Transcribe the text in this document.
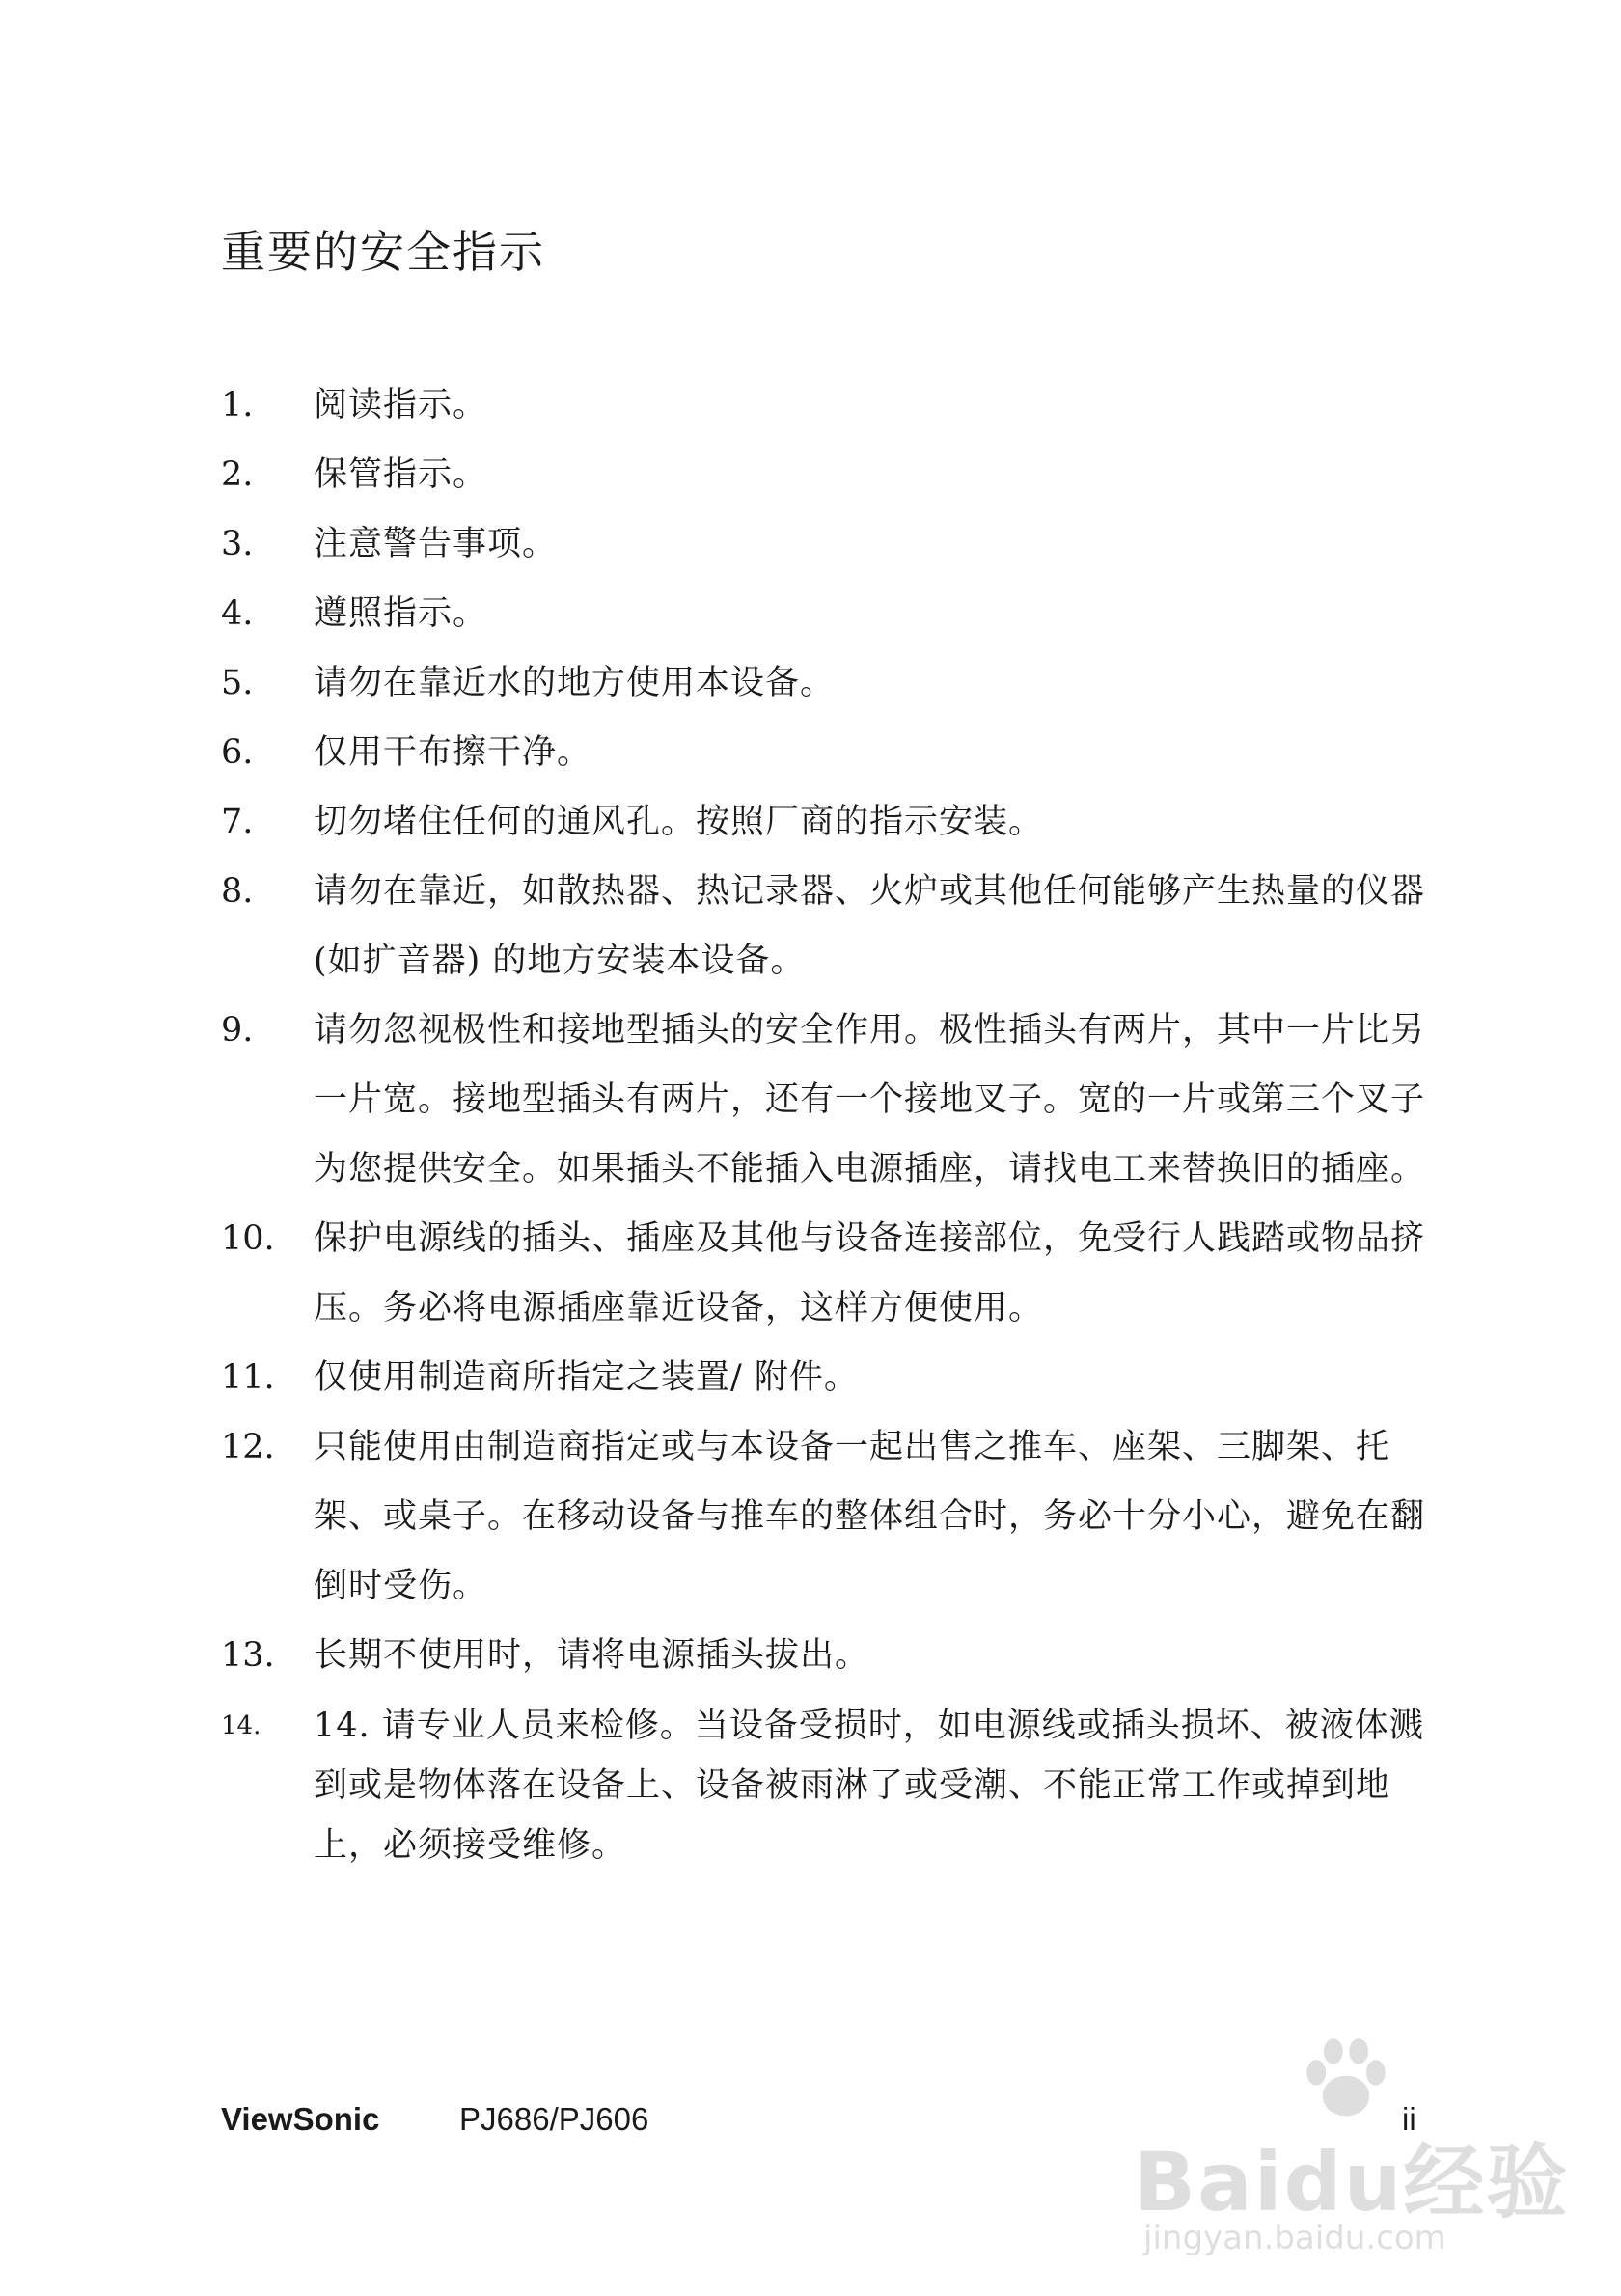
重要的安全指示
1.	阅读指示。
2.	保管指示。
3.	注意警告事项。
4.	遵照指示。
5.	请勿在靠近水的地方使用本设备。
6.	仅用干布擦干净。
7.	切勿堵住任何的通风孔。按照厂商的指示安装。
8.	请勿在靠近，如散热器、热记录器、火炉或其他任何能够产生热量的仪器(如扩音器) 的地方安装本设备。
9.	请勿忽视极性和接地型插头的安全作用。极性插头有两片，其中一片比另一片宽。接地型插头有两片，还有一个接地叉子。宽的一片或第三个叉子为您提供安全。如果插头不能插入电源插座，请找电工来替换旧的插座。
10.	保护电源线的插头、插座及其他与设备连接部位，免受行人践踏或物品挤压。务必将电源插座靠近设备，这样方便使用。
11.	仅使用制造商所指定之装置/ 附件。
12.	只能使用由制造商指定或与本设备一起出售之推车、座架、三脚架、托架、或桌子。在移动设备与推车的整体组合时，务必十分小心，避免在翻倒时受伤。
13.	长期不使用时，请将电源插头拔出。
14.	14. 请专业人员来检修。当设备受损时，如电源线或插头损坏、被液体溅到或是物体落在设备上、设备被雨淋了或受潮、不能正常工作或掉到地上，必须接受维修。
ViewSonic	PJ686/PJ606	ii
Baidu经验
jingyan.baidu.com
